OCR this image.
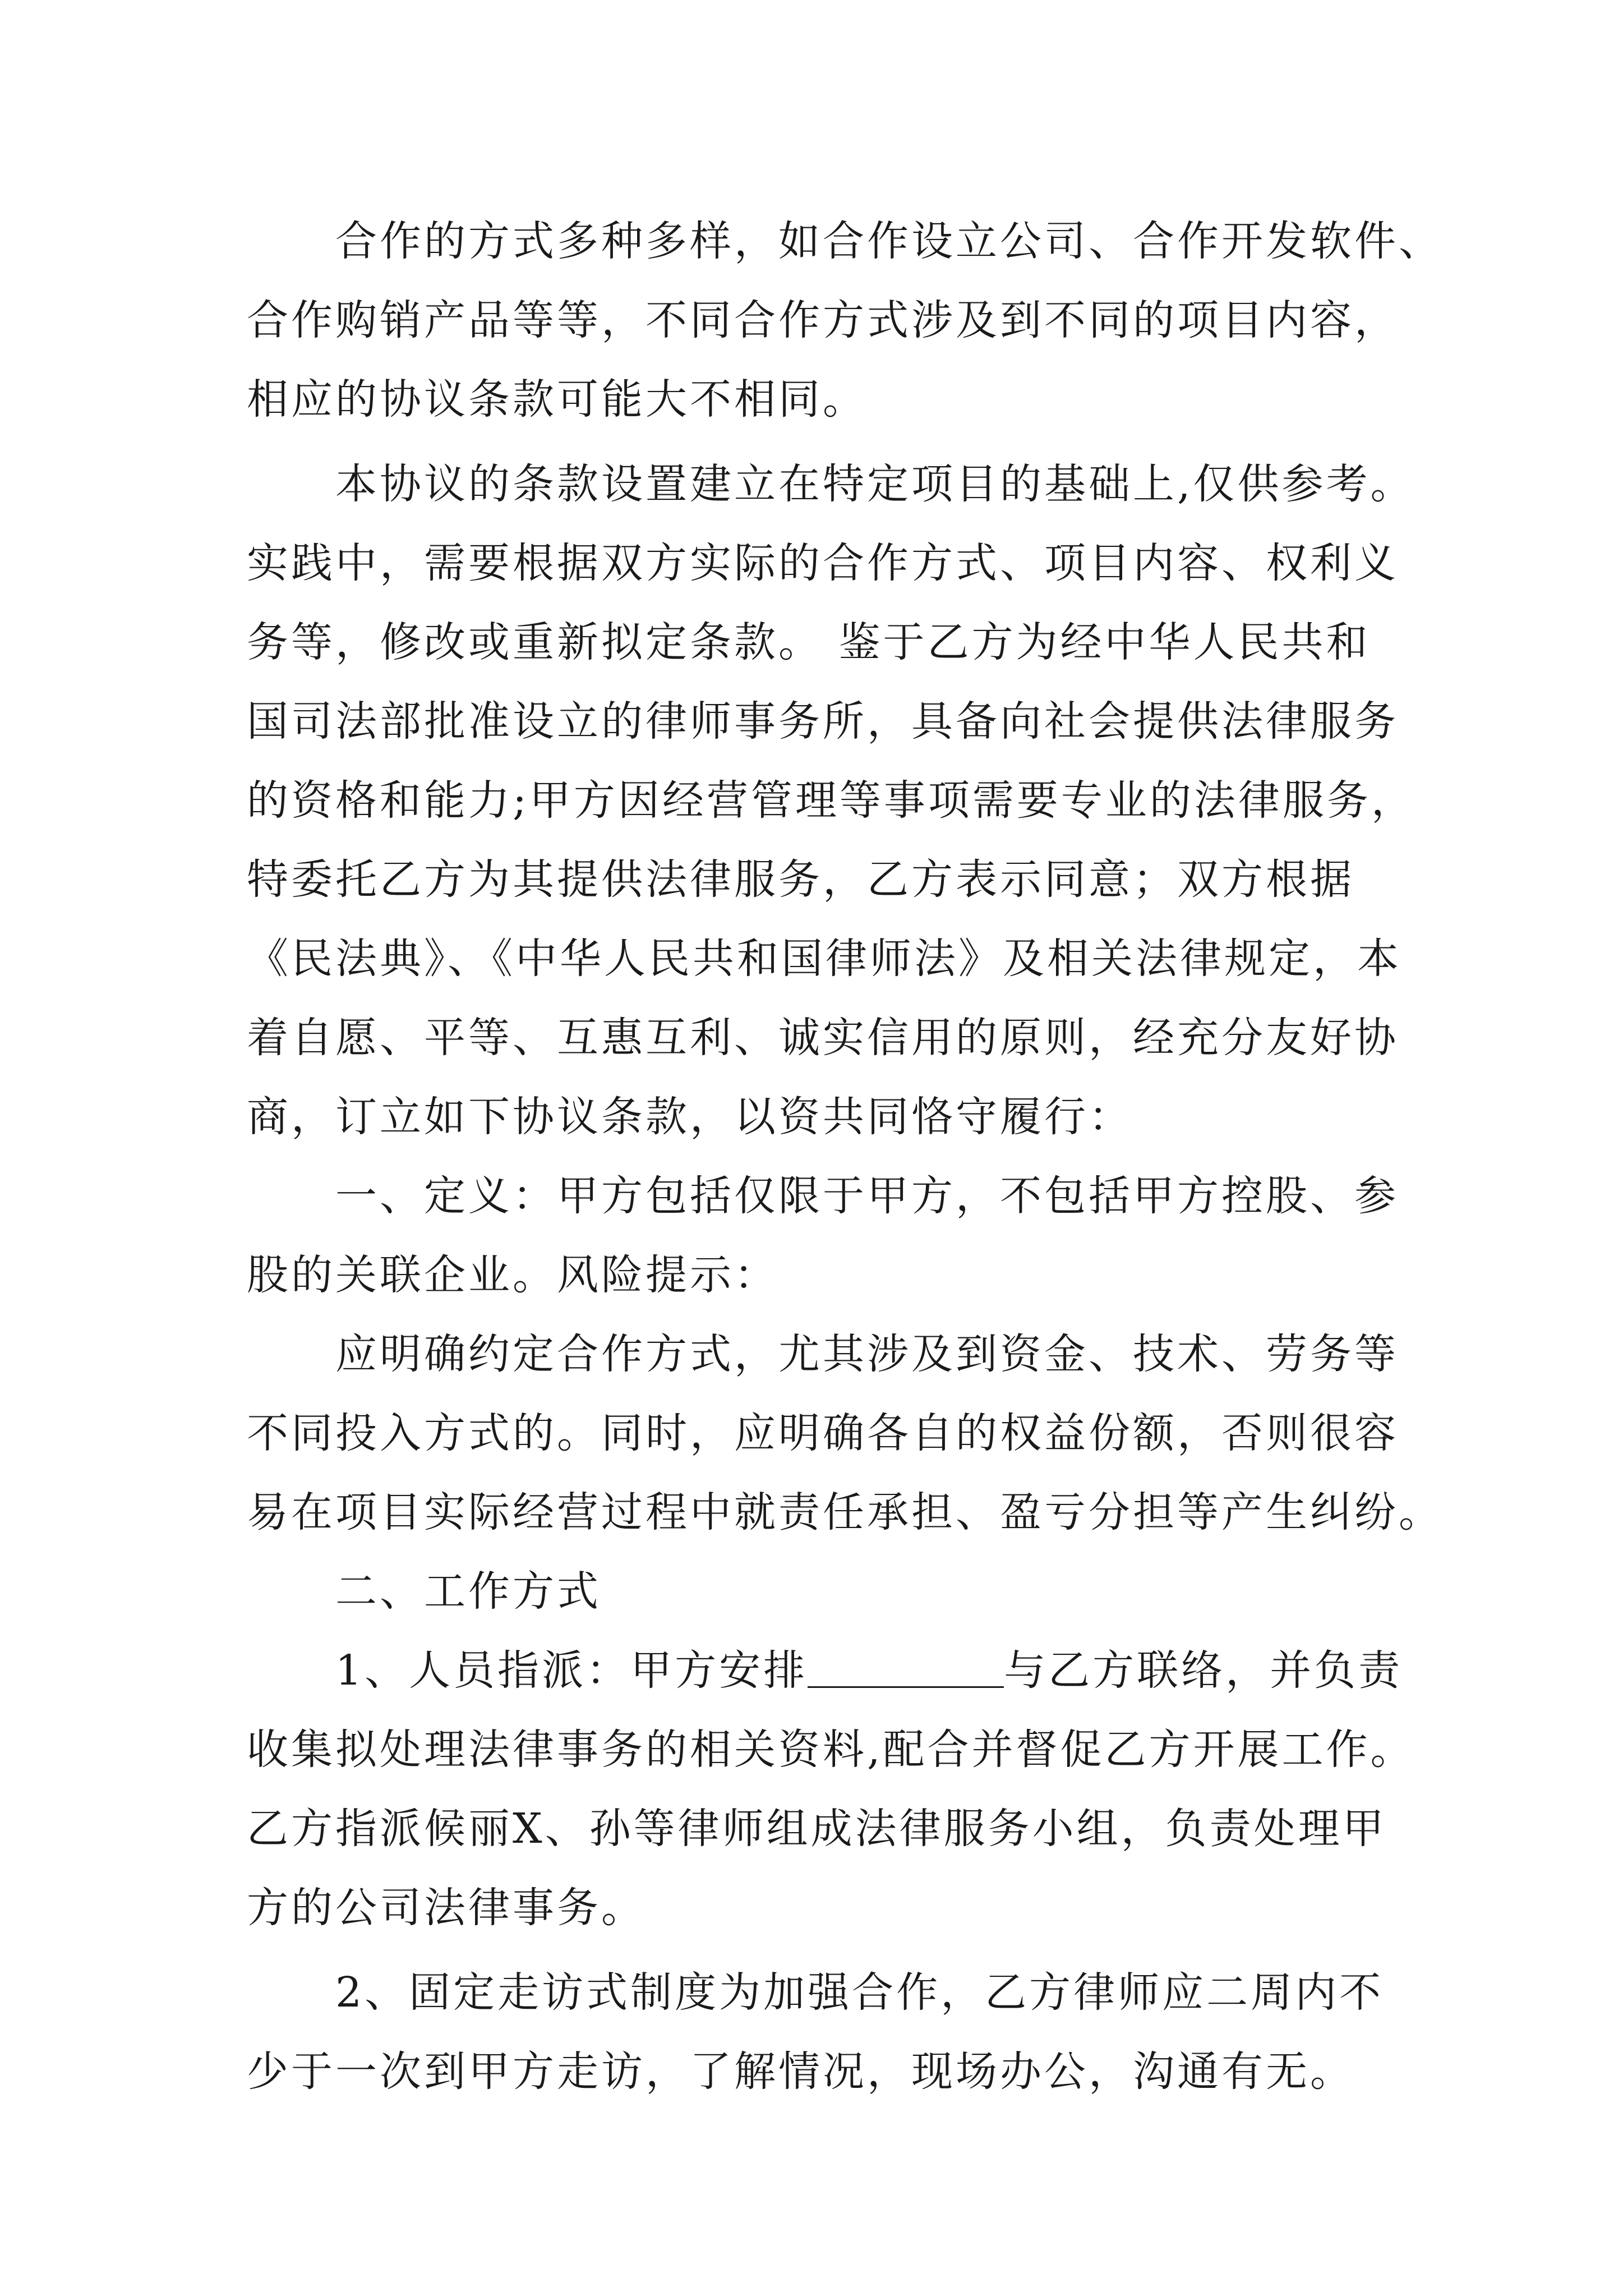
合作的方式多种多样，如合作设立公司、合作开发软件、
合作购销产品等等，不同合作方式涉及到不同的项目内容，
相应的协议条款可能大不相同。
本协议的条款设置建立在特定项目的基础上,仅供参考。
实践中，需要根据双方实际的合作方式、项目内容、权利义
务等，修改或重新拟定条款。 鉴于乙方为经中华人民共和
国司法部批准设立的律师事务所，具备向社会提供法律服务
的资格和能力;甲方因经营管理等事项需要专业的法律服务，
特委托乙方为其提供法律服务，乙方表示同意；双方根据
《民法典》、《中华人民共和国律师法》及相关法律规定，本
着自愿、平等、互惠互利、诚实信用的原则，经充分友好协
商，订立如下协议条款，以资共同恪守履行：
一、定义：甲方包括仅限于甲方，不包括甲方控股、参
股的关联企业。风险提示：
应明确约定合作方式，尤其涉及到资金、技术、劳务等
不同投入方式的。同时，应明确各自的权益份额，否则很容
易在项目实际经营过程中就责任承担、盈亏分担等产生纠纷。
二、工作方式
1、人员指派：甲方安排	与乙方联络，并负责
收集拟处理法律事务的相关资料,配合并督促乙方开展工作。
乙方指派候丽X、孙等律师组成法律服务小组，负责处理甲
方的公司法律事务。
2、固定走访式制度为加强合作，乙方律师应二周内不
少于一次到甲方走访，了解情况，现场办公，沟通有无。
